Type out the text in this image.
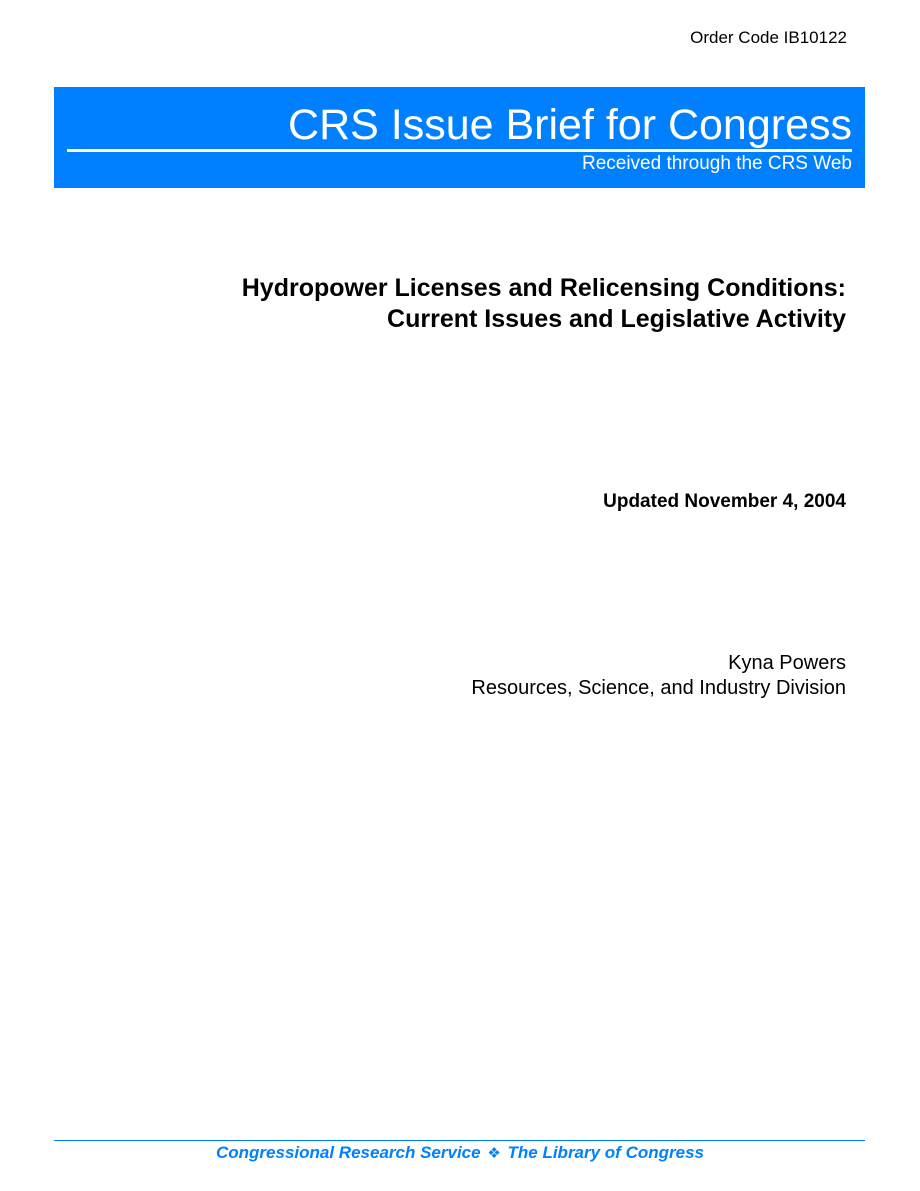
Order Code IB10122
CRS Issue Brief for Congress
Received through the CRS Web
Hydropower Licenses and Relicensing Conditions:
Current Issues and Legislative Activity
Updated November 4, 2004
Kyna Powers
Resources, Science, and Industry Division
Congressional Research Service ❖ The Library of Congress
